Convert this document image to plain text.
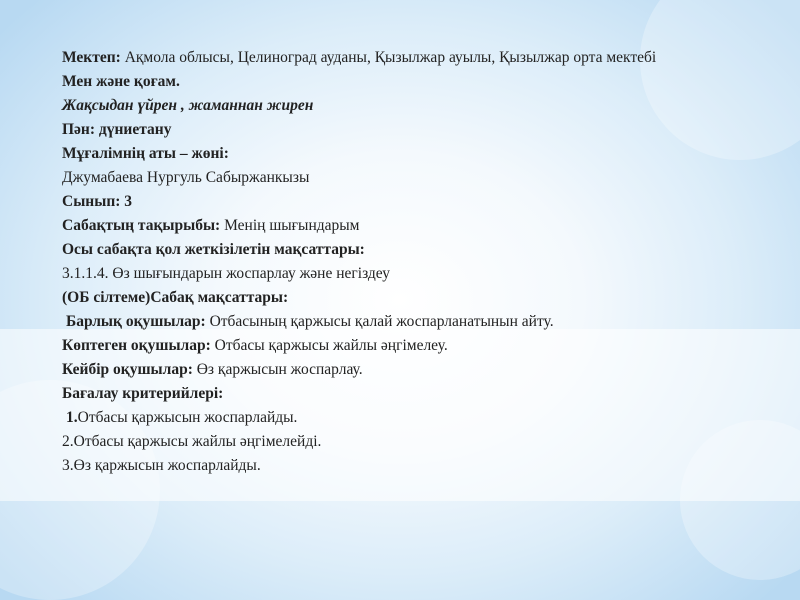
Мектеп: Ақмола облысы, Целиноград ауданы, Қызылжар ауылы, Қызылжар орта мектебі
Мен және қоғам.
Жақсыдан үйрен , жаманнан жирен
Пән: дүниетану
Мұғалімнің аты – жөні:
Джумабаева Нургуль Сабыржанкызы
Сынып: 3
Сабақтың тақырыбы: Менің шығындарым
Осы сабақта қол жеткізілетін мақсаттары:
3.1.1.4. Өз шығындарын жоспарлау және негіздеу
(ОБ сілтеме)Сабақ мақсаттары:
Барлық оқушылар: Отбасының қаржысы қалай жоспарланатынын айту.
Көптеген оқушылар: Отбасы қаржысы жайлы әңгімелеу.
Кейбір оқушылар: Өз қаржысын жоспарлау.
Бағалау критерийлері:
1.Отбасы қаржысын жоспарлайды.
2.Отбасы қаржысы жайлы әңгімелейді.
3.Өз қаржысын жоспарлайды.
